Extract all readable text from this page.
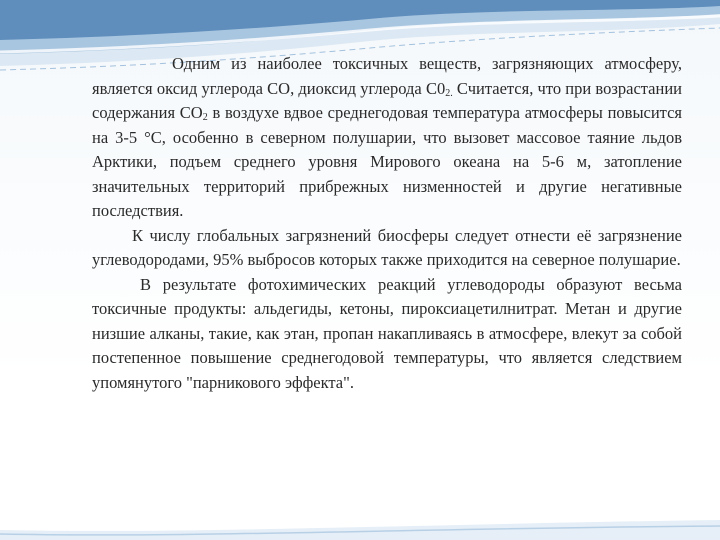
Одним из наиболее токсичных веществ, загрязняющих атмосферу, является оксид углерода СО, диоксид углерода $С0_{2.}$ Считается, что при возрастании содержания $СО_2$ в воздухе вдвое среднегодовая температура атмосферы повысится на 3-5 °С, особенно в северном полушарии, что вызовет массовое таяние льдов Арктики, подъем среднего уровня Мирового океана на 5-6 м, затопление значительных территорий прибрежных низменностей и другие негативные последствия.

К числу глобальных загрязнений биосферы следует отнести её загрязнение углеводородами, 95% выбросов которых также приходится на северное полушарие.

В результате фотохимических реакций углеводороды образуют весьма токсичные продукты: альдегиды, кетоны, пироксиацетилнитрат. Метан и другие низшие алканы, такие, как этан, пропан накапливаясь в атмосфере, влекут за собой постепенное повышение среднегодовой температуры, что является следствием упомянутого "парникового эффекта".
